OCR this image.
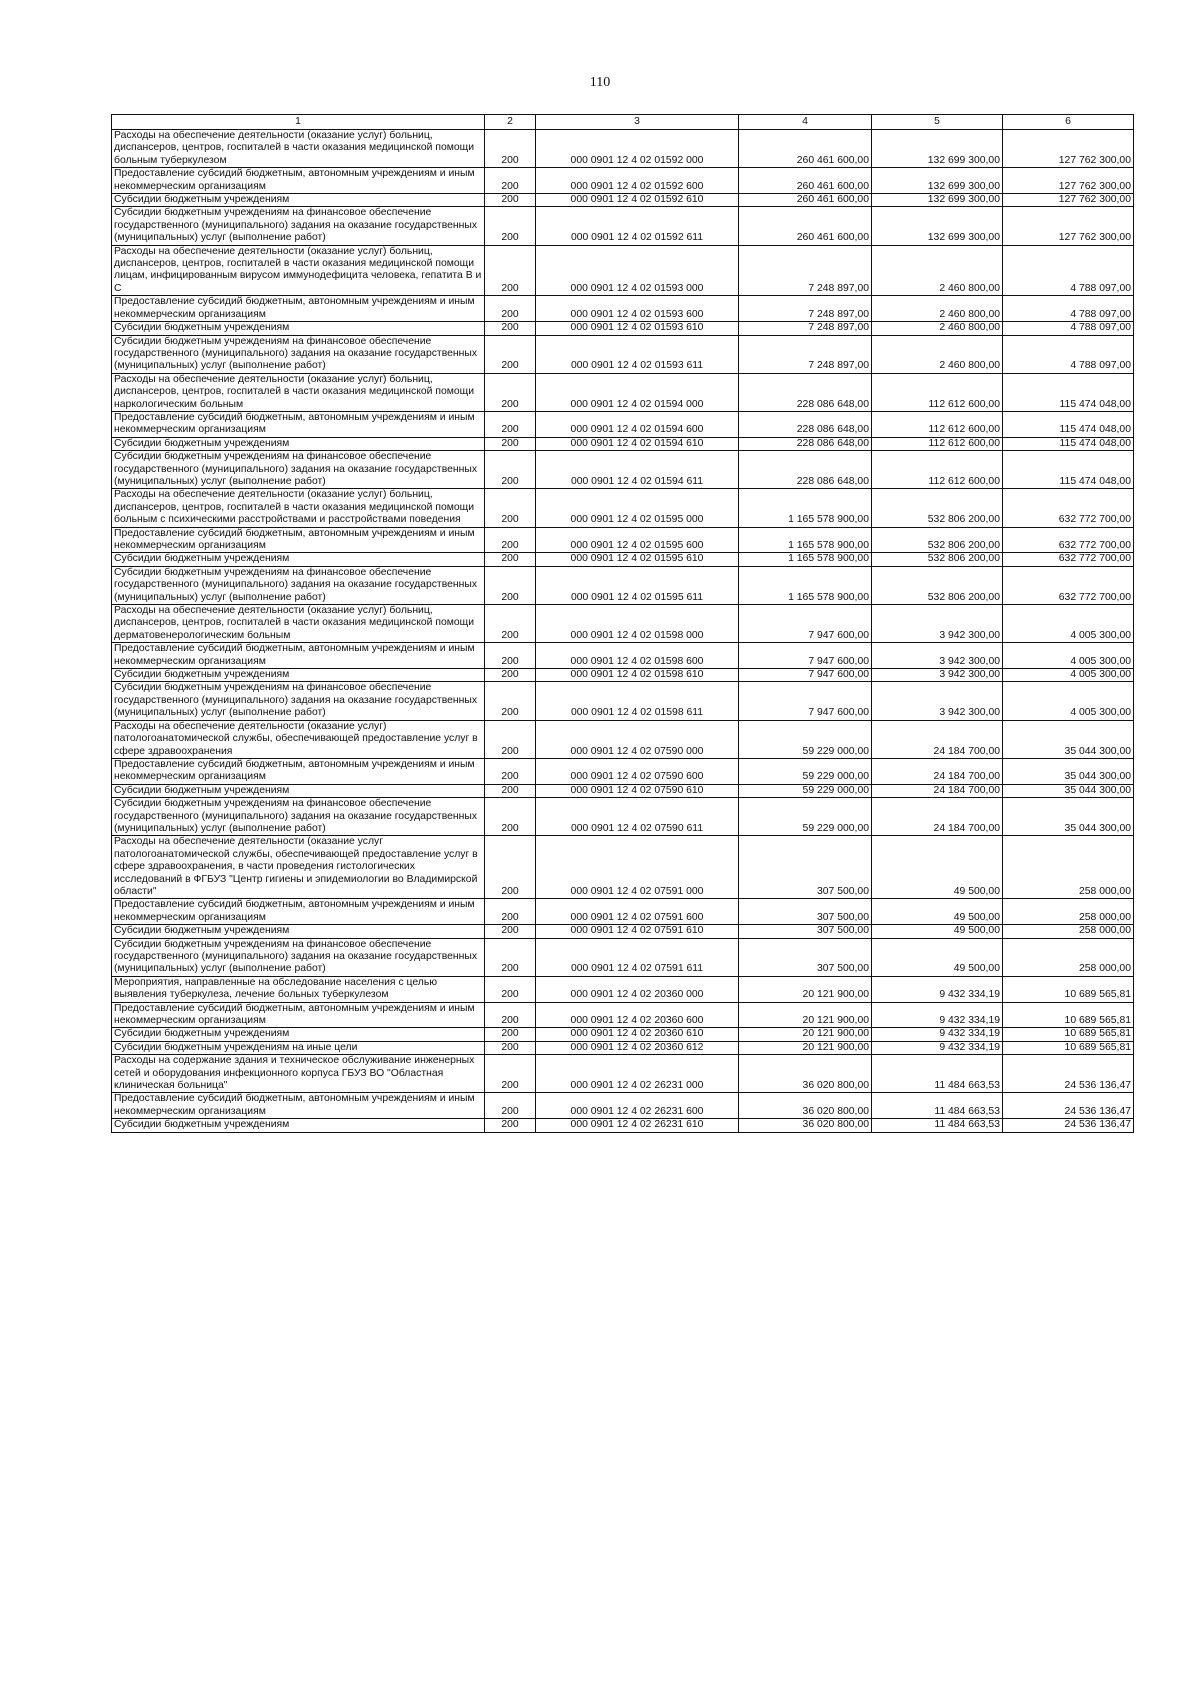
110
1	2	3	4	5	6
Расходы на обеспечение деятельности (оказание услуг) больниц, диспансеров, центров, госпиталей в части оказания медицинской помощи больным туберкулезом	200	000 0901 12 4 02 01592 000	260 461 600,00	132 699 300,00	127 762 300,00
Предоставление субсидий бюджетным, автономным учреждениям и иным некоммерческим организациям	200	000 0901 12 4 02 01592 600	260 461 600,00	132 699 300,00	127 762 300,00
Субсидии бюджетным учреждениям	200	000 0901 12 4 02 01592 610	260 461 600,00	132 699 300,00	127 762 300,00
Субсидии бюджетным учреждениям на финансовое обеспечение государственного (муниципального) задания на оказание государственных (муниципальных) услуг (выполнение работ)	200	000 0901 12 4 02 01592 611	260 461 600,00	132 699 300,00	127 762 300,00
Расходы на обеспечение деятельности (оказание услуг) больниц, диспансеров, центров, госпиталей в части оказания медицинской помощи лицам, инфицированным вирусом иммунодефицита человека, гепатита В и С	200	000 0901 12 4 02 01593 000	7 248 897,00	2 460 800,00	4 788 097,00
Предоставление субсидий бюджетным, автономным учреждениям и иным некоммерческим организациям	200	000 0901 12 4 02 01593 600	7 248 897,00	2 460 800,00	4 788 097,00
Субсидии бюджетным учреждениям	200	000 0901 12 4 02 01593 610	7 248 897,00	2 460 800,00	4 788 097,00
Субсидии бюджетным учреждениям на финансовое обеспечение государственного (муниципального) задания на оказание государственных (муниципальных) услуг (выполнение работ)	200	000 0901 12 4 02 01593 611	7 248 897,00	2 460 800,00	4 788 097,00
Расходы на обеспечение деятельности (оказание услуг) больниц, диспансеров, центров, госпиталей в части оказания медицинской помощи наркологическим больным	200	000 0901 12 4 02 01594 000	228 086 648,00	112 612 600,00	115 474 048,00
Предоставление субсидий бюджетным, автономным учреждениям и иным некоммерческим организациям	200	000 0901 12 4 02 01594 600	228 086 648,00	112 612 600,00	115 474 048,00
Субсидии бюджетным учреждениям	200	000 0901 12 4 02 01594 610	228 086 648,00	112 612 600,00	115 474 048,00
Субсидии бюджетным учреждениям на финансовое обеспечение государственного (муниципального) задания на оказание государственных (муниципальных) услуг (выполнение работ)	200	000 0901 12 4 02 01594 611	228 086 648,00	112 612 600,00	115 474 048,00
Расходы на обеспечение деятельности (оказание услуг) больниц, диспансеров, центров, госпиталей в части оказания медицинской помощи больным с психическими расстройствами и расстройствами поведения	200	000 0901 12 4 02 01595 000	1 165 578 900,00	532 806 200,00	632 772 700,00
Предоставление субсидий бюджетным, автономным учреждениям и иным некоммерческим организациям	200	000 0901 12 4 02 01595 600	1 165 578 900,00	532 806 200,00	632 772 700,00
Субсидии бюджетным учреждениям	200	000 0901 12 4 02 01595 610	1 165 578 900,00	532 806 200,00	632 772 700,00
Субсидии бюджетным учреждениям на финансовое обеспечение государственного (муниципального) задания на оказание государственных (муниципальных) услуг (выполнение работ)	200	000 0901 12 4 02 01595 611	1 165 578 900,00	532 806 200,00	632 772 700,00
Расходы на обеспечение деятельности (оказание услуг) больниц, диспансеров, центров, госпиталей в части оказания медицинской помощи дерматовенерологическим больным	200	000 0901 12 4 02 01598 000	7 947 600,00	3 942 300,00	4 005 300,00
Предоставление субсидий бюджетным, автономным учреждениям и иным некоммерческим организациям	200	000 0901 12 4 02 01598 600	7 947 600,00	3 942 300,00	4 005 300,00
Субсидии бюджетным учреждениям	200	000 0901 12 4 02 01598 610	7 947 600,00	3 942 300,00	4 005 300,00
Субсидии бюджетным учреждениям на финансовое обеспечение государственного (муниципального) задания на оказание государственных (муниципальных) услуг (выполнение работ)	200	000 0901 12 4 02 01598 611	7 947 600,00	3 942 300,00	4 005 300,00
Расходы на обеспечение деятельности (оказание услуг) патологоанатомической службы, обеспечивающей предоставление услуг в сфере здравоохранения	200	000 0901 12 4 02 07590 000	59 229 000,00	24 184 700,00	35 044 300,00
Предоставление субсидий бюджетным, автономным учреждениям и иным некоммерческим организациям	200	000 0901 12 4 02 07590 600	59 229 000,00	24 184 700,00	35 044 300,00
Субсидии бюджетным учреждениям	200	000 0901 12 4 02 07590 610	59 229 000,00	24 184 700,00	35 044 300,00
Субсидии бюджетным учреждениям на финансовое обеспечение государственного (муниципального) задания на оказание государственных (муниципальных) услуг (выполнение работ)	200	000 0901 12 4 02 07590 611	59 229 000,00	24 184 700,00	35 044 300,00
Расходы на обеспечение деятельности (оказание услуг патологоанатомической службы, обеспечивающей предоставление услуг в сфере здравоохранения, в части проведения гистологических исследований в ФГБУЗ "Центр гигиены и эпидемиологии во Владимирской области"	200	000 0901 12 4 02 07591 000	307 500,00	49 500,00	258 000,00
Предоставление субсидий бюджетным, автономным учреждениям и иным некоммерческим организациям	200	000 0901 12 4 02 07591 600	307 500,00	49 500,00	258 000,00
Субсидии бюджетным учреждениям	200	000 0901 12 4 02 07591 610	307 500,00	49 500,00	258 000,00
Субсидии бюджетным учреждениям на финансовое обеспечение государственного (муниципального) задания на оказание государственных (муниципальных) услуг (выполнение работ)	200	000 0901 12 4 02 07591 611	307 500,00	49 500,00	258 000,00
Мероприятия, направленные на обследование населения с целью выявления туберкулеза, лечение больных туберкулезом	200	000 0901 12 4 02 20360 000	20 121 900,00	9 432 334,19	10 689 565,81
Предоставление субсидий бюджетным, автономным учреждениям и иным некоммерческим организациям	200	000 0901 12 4 02 20360 600	20 121 900,00	9 432 334,19	10 689 565,81
Субсидии бюджетным учреждениям	200	000 0901 12 4 02 20360 610	20 121 900,00	9 432 334,19	10 689 565,81
Субсидии бюджетным учреждениям на иные цели	200	000 0901 12 4 02 20360 612	20 121 900,00	9 432 334,19	10 689 565,81
Расходы на содержание здания и техническое обслуживание инженерных сетей и оборудования инфекционного корпуса ГБУЗ ВО "Областная клиническая больница"	200	000 0901 12 4 02 26231 000	36 020 800,00	11 484 663,53	24 536 136,47
Предоставление субсидий бюджетным, автономным учреждениям и иным некоммерческим организациям	200	000 0901 12 4 02 26231 600	36 020 800,00	11 484 663,53	24 536 136,47
Субсидии бюджетным учреждениям	200	000 0901 12 4 02 26231 610	36 020 800,00	11 484 663,53	24 536 136,47
